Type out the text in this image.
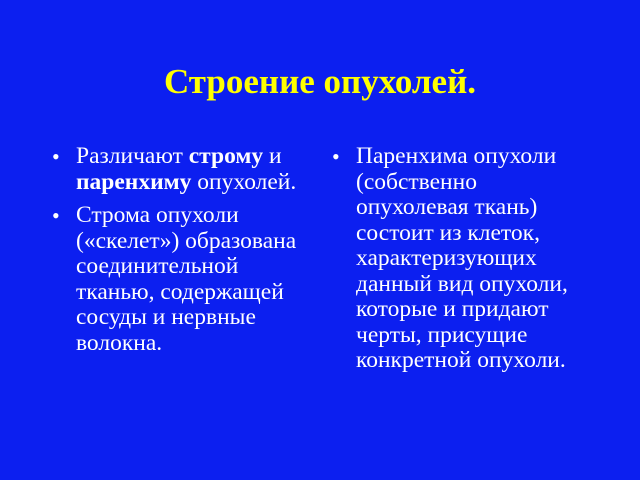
Строение опухолей.
• Различают строму и паренхиму опухолей.
• Строма опухоли («скелет») образована соединительной тканью, содержащей сосуды и нервные волокна.
• Паренхима опухоли (собственно опухолевая ткань) состоит из клеток, характеризующих данный вид опухоли, которые и придают черты, присущие конкретной опухоли.
